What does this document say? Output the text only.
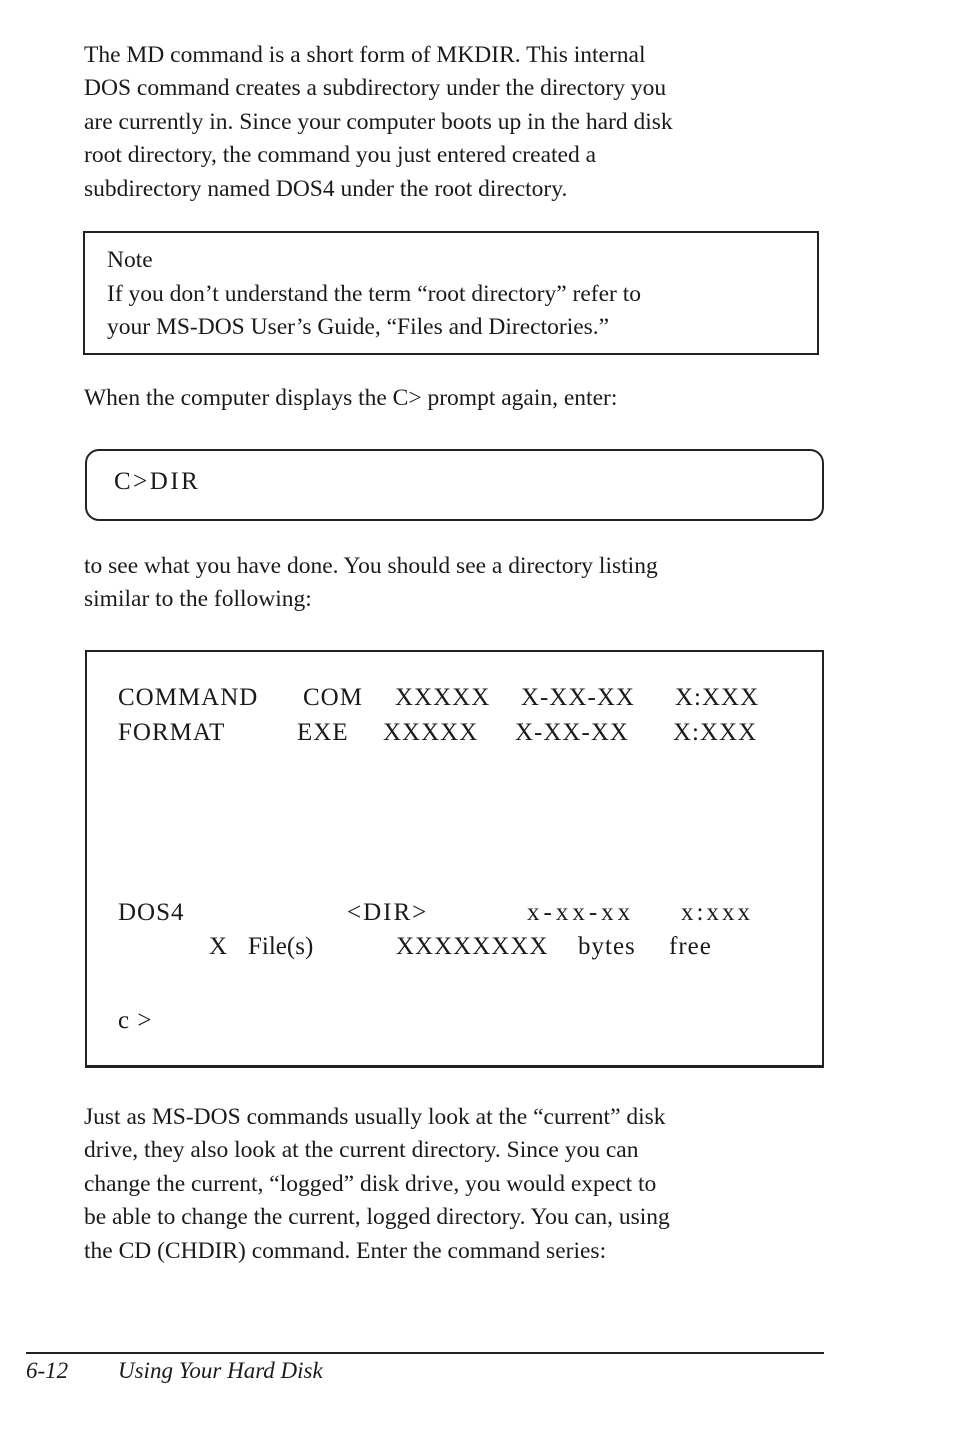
The MD command is a short form of MKDIR. This internal
DOS command creates a subdirectory under the directory you
are currently in. Since your computer boots up in the hard disk
root directory, the command you just entered created a
subdirectory named DOS4 under the root directory.
Note
If you don’t understand the term “root directory” refer to
your MS-DOS User’s Guide, “Files and Directories.”
When the computer displays the C> prompt again, enter:
C>DIR
to see what you have done. You should see a directory listing
similar to the following:
COMMAND COM XXXXX X-XX-XX X:XXX
FORMAT	EXE XXXXX X-XX-XX X:XXX
DOS4	<DIR>	x-xx-xx x:xxx
X File(s)	XXXXXXXX bytes free
c >
Just as MS-DOS commands usually look at the “current” disk
drive, they also look at the current directory. Since you can
change the current, “logged” disk drive, you would expect to
be able to change the current, logged directory. You can, using
the CD (CHDIR) command. Enter the command series:
6-12 Using Your Hard Disk
